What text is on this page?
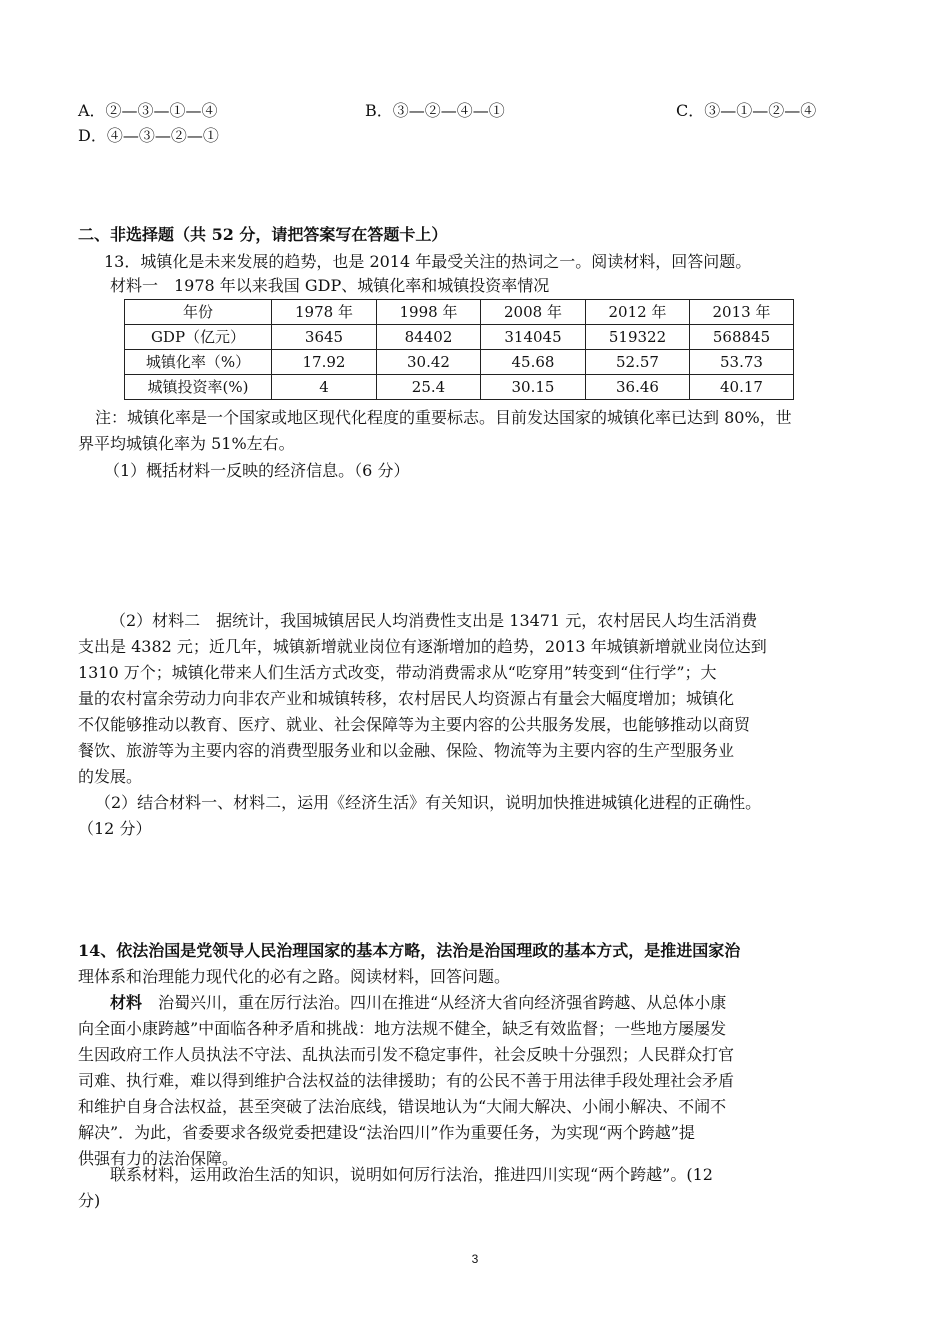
A．②—③—①—④	B．③—②—④—①	C．③—①—②—④
D．④—③—②—①
二、非选择题（共 52 分，请把答案写在答题卡上）
13．城镇化是未来发展的趋势，也是 2014 年最受关注的热词之一。阅读材料，回答问题。
材料一　1978 年以来我国 GDP、城镇化率和城镇投资率情况
年份	1978 年	1998 年	2008 年	2012 年	2013 年
GDP（亿元）	3645	84402	314045	519322	568845
城镇化率（%）	17.92	30.42	45.68	52.57	53.73
城镇投资率(%)	4	25.4	30.15	36.46	40.17
注：城镇化率是一个国家或地区现代化程度的重要标志。目前发达国家的城镇化率已达到 80%，世
界平均城镇化率为 51%左右。
（1）概括材料一反映的经济信息。（6 分）
（2）材料二　据统计，我国城镇居民人均消费性支出是 13471 元，农村居民人均生活消费
支出是 4382 元；近几年，城镇新增就业岗位有逐渐增加的趋势，2013 年城镇新增就业岗位达到
1310 万个；城镇化带来人们生活方式改变，带动消费需求从“吃穿用”转变到“住行学”；大
量的农村富余劳动力向非农产业和城镇转移，农村居民人均资源占有量会大幅度增加；城镇化
不仅能够推动以教育、医疗、就业、社会保障等为主要内容的公共服务发展，也能够推动以商贸
餐饮、旅游等为主要内容的消费型服务业和以金融、保险、物流等为主要内容的生产型服务业
的发展。
（2）结合材料一、材料二，运用《经济生活》有关知识，说明加快推进城镇化进程的正确性。
（12 分）
14、依法治国是党领导人民治理国家的基本方略，法治是治国理政的基本方式，是推进国家治
理体系和治理能力现代化的必有之路。阅读材料，回答问题。
材料　治蜀兴川，重在厉行法治。四川在推进“从经济大省向经济强省跨越、从总体小康
向全面小康跨越”中面临各种矛盾和挑战：地方法规不健全，缺乏有效监督；一些地方屡屡发
生因政府工作人员执法不守法、乱执法而引发不稳定事件，社会反映十分强烈；人民群众打官
司难、执行难，难以得到维护合法权益的法律援助；有的公民不善于用法律手段处理社会矛盾
和维护自身合法权益，甚至突破了法治底线，错误地认为“大闹大解决、小闹小解决、不闹不
解决”．为此，省委要求各级党委把建设“法治四川”作为重要任务，为实现“两个跨越”提
供强有力的法治保障。
联系材料，运用政治生活的知识，说明如何厉行法治，推进四川实现“两个跨越”。(12
分)
3
